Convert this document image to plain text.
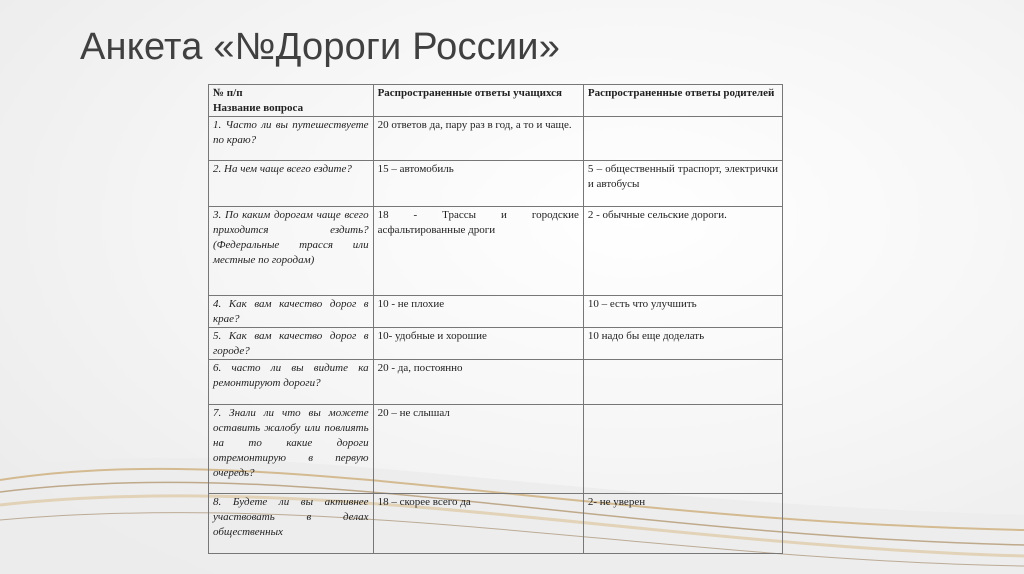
Анкета «№Дороги России»
№ п/п
Название вопроса	Распространенные ответы учащихся	Распространенные ответы родителей
1. Часто ли вы путешествуете по краю?	20 ответов да, пару раз в год, а то и чаще.	
2. На чем чаще всего ездите?	15 – автомобиль	5 – общественный траспорт, электрички и автобусы
3. По каким дорогам чаще всего приходится ездить?(Федеральные трасся или местные по городам)	18 - Трассы и городские асфальтированные дроги	2 - обычные сельские дороги.
4. Как вам качество дорог в крае?	10 - не плохие	10 – есть что улучшить
5. Как вам качество дорог в городе?	10- удобные и хорошие	10 надо бы еще доделать
6. часто ли вы видите ка ремонтируют дороги?	20 - да, постоянно	
7. Знали ли что вы можете оставить жалобу или повлиять на то какие дороги отремонтирую в первую очередь?	20 – не слышал	
8. Будете ли вы активнее участвовать в делах общественных	18 – скорее всего да	2- не уверен
